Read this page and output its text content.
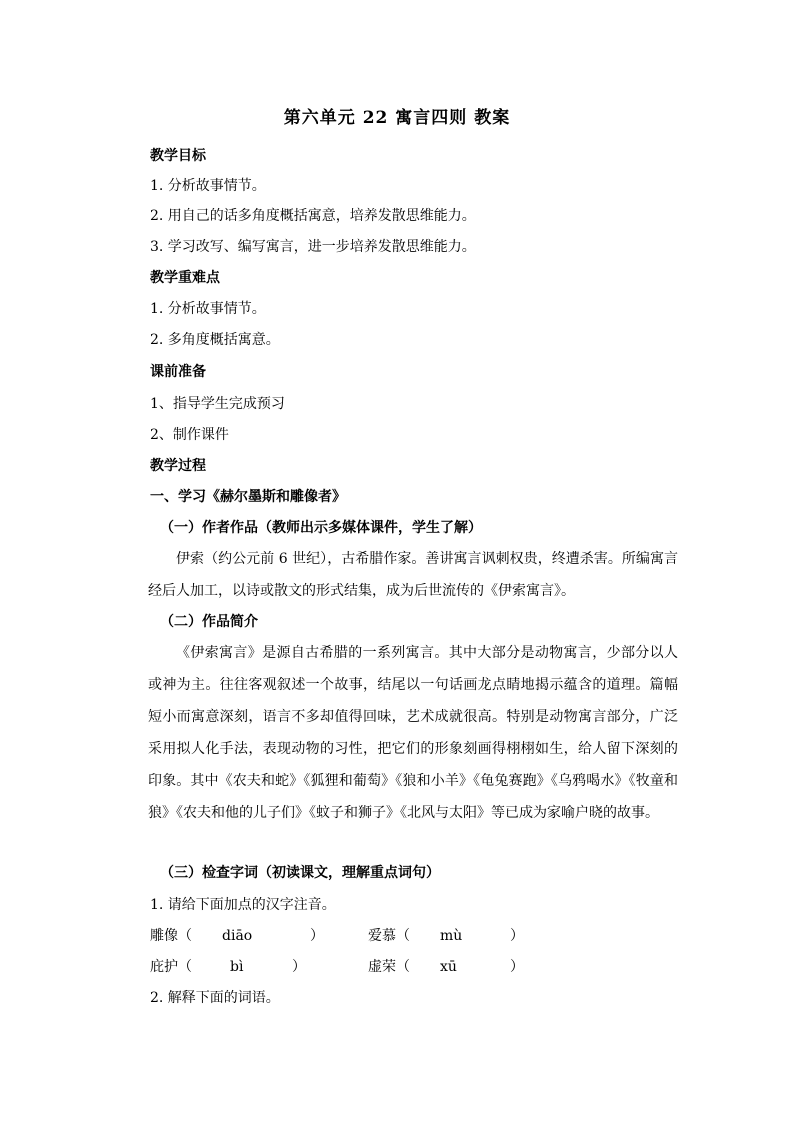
第六单元 22 寓言四则 教案
教学目标
1. 分析故事情节。
2. 用自己的话多角度概括寓意，培养发散思维能力。
3. 学习改写、编写寓言，进一步培养发散思维能力。
教学重难点
1. 分析故事情节。
2. 多角度概括寓意。
课前准备
1、指导学生完成预习
2、制作课件
教学过程
一、学习《赫尔墨斯和雕像者》
（一）作者作品（教师出示多媒体课件，学生了解）
伊索（约公元前 6 世纪），古希腊作家。善讲寓言讽刺权贵，终遭杀害。所编寓言经后人加工，以诗或散文的形式结集，成为后世流传的《伊索寓言》。
（二）作品简介
《伊索寓言》是源自古希腊的一系列寓言。其中大部分是动物寓言，少部分以人或神为主。往往客观叙述一个故事，结尾以一句话画龙点睛地揭示蕴含的道理。篇幅短小而寓意深刻，语言不多却值得回味，艺术成就很高。特别是动物寓言部分，广泛采用拟人化手法，表现动物的习性，把它们的形象刻画得栩栩如生，给人留下深刻的印象。其中《农夫和蛇》《狐狸和葡萄》《狼和小羊》《龟兔赛跑》《乌鸦喝水》《牧童和狼》《农夫和他的儿子们》《蚊子和狮子》《北风与太阳》等已成为家喻户晓的故事。
（三）检查字词（初读课文，理解重点词句）
1. 请给下面加点的汉字注音。
雕像（ diāo	）	爱慕（ mù	）
庇护（	bì	）	虚荣（ xū	）
2. 解释下面的词语。
